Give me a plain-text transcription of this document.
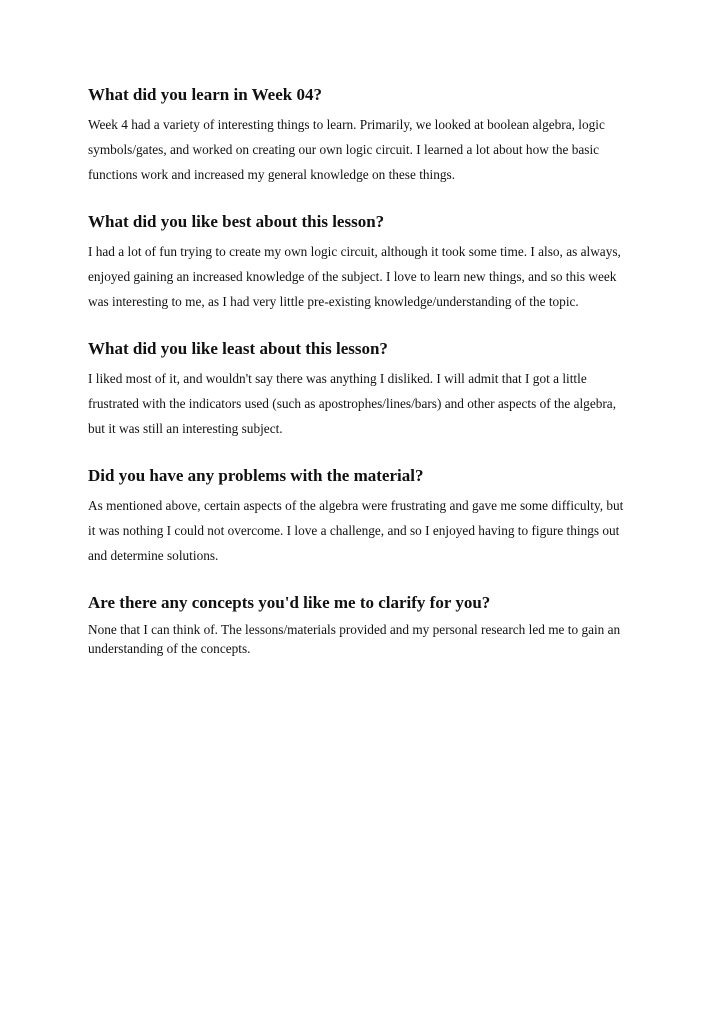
What did you learn in Week 04?

Week 4 had a variety of interesting things to learn. Primarily, we looked at boolean algebra, logic symbols/gates, and worked on creating our own logic circuit. I learned a lot about how the basic functions work and increased my general knowledge on these things.

What did you like best about this lesson?

I had a lot of fun trying to create my own logic circuit, although it took some time. I also, as always, enjoyed gaining an increased knowledge of the subject. I love to learn new things, and so this week was interesting to me, as I had very little pre-existing knowledge/understanding of the topic.

What did you like least about this lesson?

I liked most of it, and wouldn't say there was anything I disliked. I will admit that I got a little frustrated with the indicators used (such as apostrophes/lines/bars) and other aspects of the algebra, but it was still an interesting subject.

Did you have any problems with the material?

As mentioned above, certain aspects of the algebra were frustrating and gave me some difficulty, but it was nothing I could not overcome. I love a challenge, and so I enjoyed having to figure things out and determine solutions.

Are there any concepts you'd like me to clarify for you?

None that I can think of. The lessons/materials provided and my personal research led me to gain an understanding of the concepts.
